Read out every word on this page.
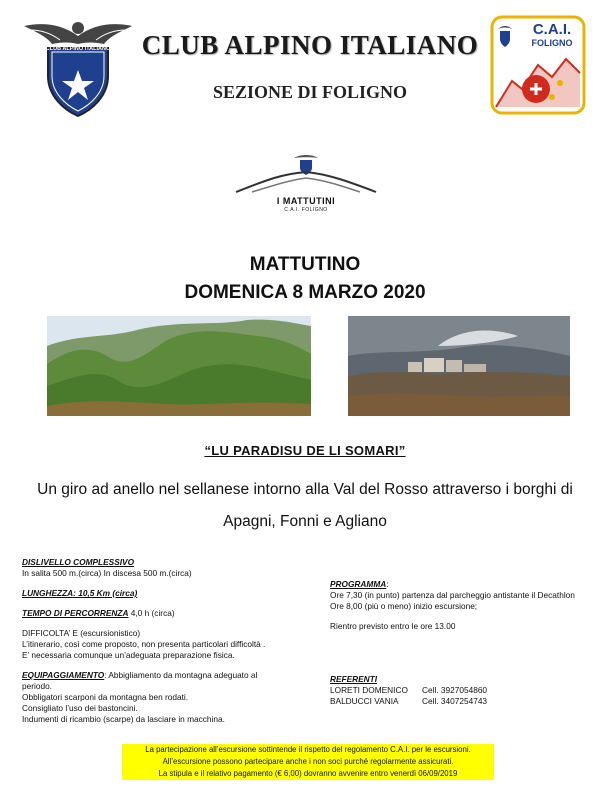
CLUB ALPINO ITALIANO CLUB ALPINO ITALIANO
SEZIONE DI FOLIGNO
C.A.I.
FOLIGNO
I MATTUTINI
C.A.I. FOLIGNO
MATTUTINO
DOMENICA 8 MARZO 2020
“LU PARADISU DE LI SOMARI”
Un giro ad anello nel sellanese intorno alla Val del Rosso attraverso i borghi di
Apagni, Fonni e Agliano
DISLIVELLO COMPLESSIVO
In salita 500 m.(circa) In discesa 500 m.(circa)
LUNGHEZZA: 10,5 Km (circa)
TEMPO DI PERCORRENZA 4,0 h (circa)
DIFFICOLTA’ E (escursionistico)
L’itinerario, così come proposto, non presenta particolari difficoltà .
E’ necessaria comunque un’adeguata preparazione fisica.
EQUIPAGGIAMENTO: Abbigliamento da montagna adeguato al
periodo.
Obbligatori scarponi da montagna ben rodati.
Consigliato l’uso dei bastoncini.
Indumenti di ricambio (scarpe) da lasciare in macchina.
PROGRAMMA:
Ore 7,30 (in punto) partenza dal parcheggio antistante il Decathlon
Ore 8,00 (più o meno) inizio escursione;
Rientro previsto entro le ore 13.00
REFERENTI
LORETI DOMENICO Cell. 3927054860
BALDUCCI VANIA	Cell. 3407254743
La partecipazione all’escursione sottintende il rispetto del regolamento C.A.I. per le escursioni.
All’escursione possono partecipare anche i non soci purché regolarmente assicurati.
La stipula e il relativo pagamento (€ 6,00) dovranno avvenire entro venerdì 06/09/2019
